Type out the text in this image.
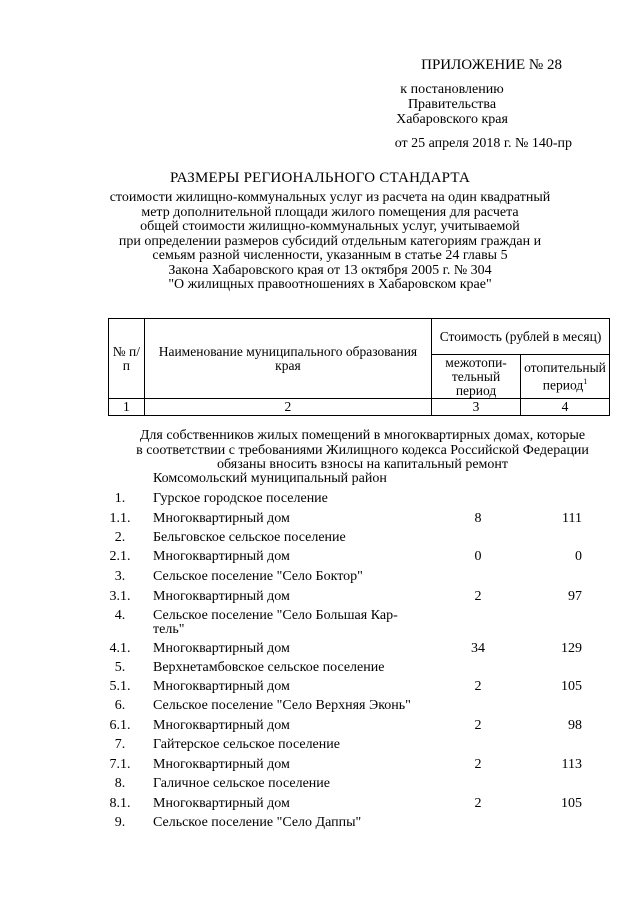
ПРИЛОЖЕНИЕ № 28
к постановлению
Правительства
Хабаровского края
от 25 апреля 2018 г. № 140-пр
РАЗМЕРЫ РЕГИОНАЛЬНОГО СТАНДАРТА
стоимости жилищно-коммунальных услуг из расчета на один квадратный
метр дополнительной площади жилого помещения для расчета
общей стоимости жилищно-коммунальных услуг, учитываемой
при определении размеров субсидий отдельным категориям граждан и
семьям разной численности, указанным в статье 24 главы 5
Закона Хабаровского края от 13 октября 2005 г. № 304
"О жилищных правоотношениях в Хабаровском крае"
№ п/п	Наименование муниципального образования края	Стоимость (рублей в месяц)	
		межотопи-тельный период	отопительный период$^1$
1	2	3	4
Для собственников жилых помещений в многоквартирных домах, которые
в соответствии с требованиями Жилищного кодекса Российской Федерации
обязаны вносить взносы на капитальный ремонт
Комсомольский муниципальный район
1.	Гурское городское поселение
1.1.	Многоквартирный дом	8	111
2.	Бельговское сельское поселение
2.1.	Многоквартирный дом	0	0
3.	Сельское поселение "Село Боктор"
3.1.	Многоквартирный дом	2	97
4.	Сельское поселение "Село Большая Кар-тель"
4.1.	Многоквартирный дом	34	129
5.	Верхнетамбовское сельское поселение
5.1.	Многоквартирный дом	2	105
6.	Сельское поселение "Село Верхняя Эконь"
6.1.	Многоквартирный дом	2	98
7.	Гайтерское сельское поселение
7.1.	Многоквартирный дом	2	113
8.	Галичное сельское поселение
8.1.	Многоквартирный дом	2	105
9.	Сельское поселение "Село Даппы"
